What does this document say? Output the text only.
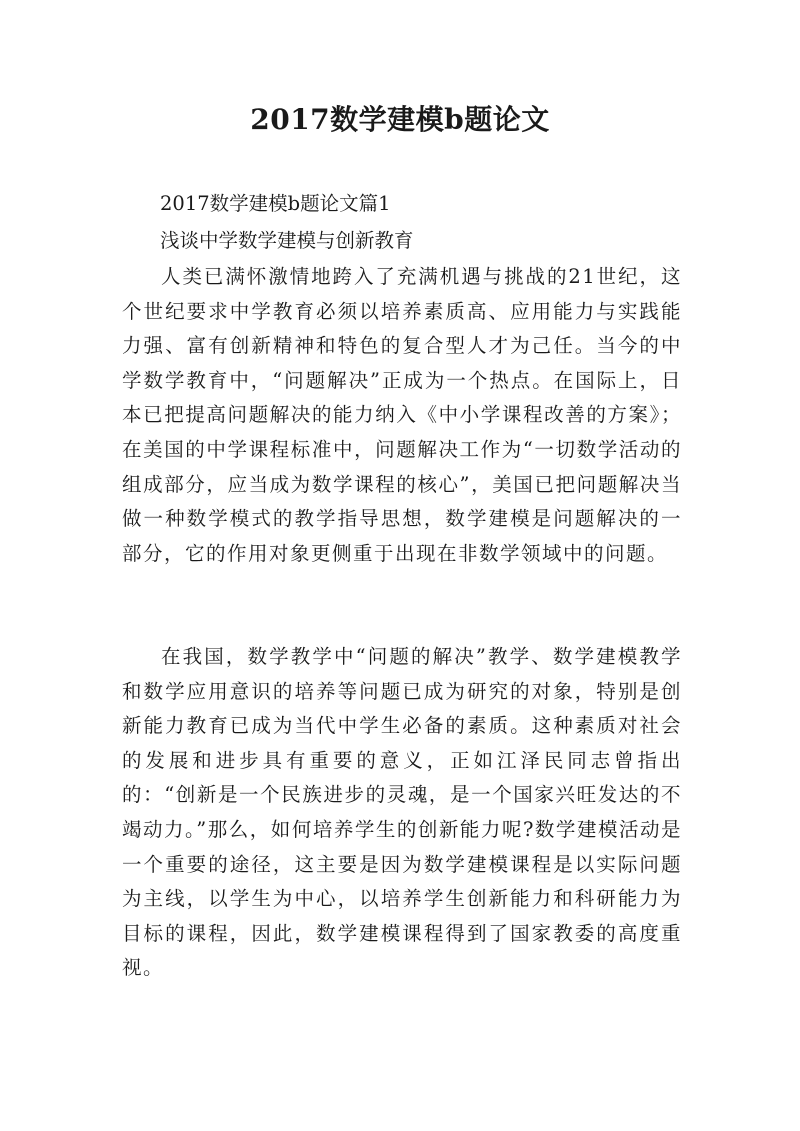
2017数学建模b题论文
2017数学建模b题论文篇1
浅谈中学数学建模与创新教育

人类已满怀激情地跨入了充满机遇与挑战的21世纪，这个世纪要求中学教育必须以培养素质高、应用能力与实践能力强、富有创新精神和特色的复合型人才为己任。当今的中学数学教育中，“问题解决”正成为一个热点。在国际上，日本已把提高问题解决的能力纳入《中小学课程改善的方案》；在美国的中学课程标准中，问题解决工作为“一切数学活动的组成部分，应当成为数学课程的核心”，美国已把问题解决当做一种数学模式的教学指导思想，数学建模是问题解决的一部分，它的作用对象更侧重于出现在非数学领域中的问题。

在我国，数学教学中“问题的解决”教学、数学建模教学和数学应用意识的培养等问题已成为研究的对象，特别是创新能力教育已成为当代中学生必备的素质。这种素质对社会的发展和进步具有重要的意义，正如江泽民同志曾指出的：“创新是一个民族进步的灵魂，是一个国家兴旺发达的不竭动力。”那么，如何培养学生的创新能力呢?数学建模活动是一个重要的途径，这主要是因为数学建模课程是以实际问题为主线，以学生为中心，以培养学生创新能力和科研能力为目标的课程，因此，数学建模课程得到了国家教委的高度重视。
